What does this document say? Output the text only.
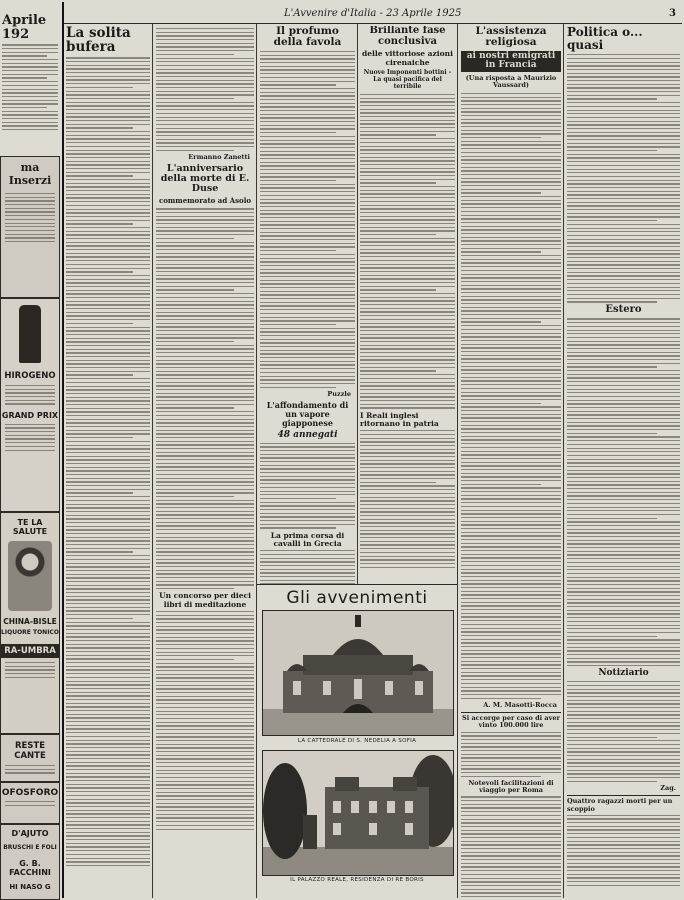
L'Avvenire d'Italia - 23 Aprile 1925	3
Aprile 192
ma Inserzi
HIROGENO
GRAND PRIX
TE LA SALUTE
CHINA-BISLE
LIQUORE TONICO
RA-UMBRA
RESTE CANTE
OFOSFORO
D'AJUTO
BRUSCHI E FOLI
G. B. FACCHINI
HI NASO G
La solita bufera
Ermanno Zanetti
L'anniversario della morte di E. Duse
commemorato ad Asolo
Un concorso per dieci libri di meditazione
Il profumo della favola
Puzzle
L'affondamento di un vapore giapponese
48 annegati
La prima corsa di cavalli in Grecia
Brillante fase conclusiva
delle vittoriose azioni cirenaiche
Nuove Imponenti bottini - La quasi pacifica del terribile
I Reali inglesi ritornano in patria
Gli avvenimenti
LA CATTEDRALE DI S. NEDELIA A SOFIA
IL PALAZZO REALE, RESIDENZA DI RE BORIS
L'assistenza religiosa
ai nostri emigrati in Francia
(Una risposta a Maurizio Vaussard)
A. M. Masotti-Rocca
Si accorge per caso di aver vinto 100.000 lire
Notevoli facilitazioni di viaggio per Roma
Politica o... quasi
Estero
Notiziario
Zag.
Quattro ragazzi morti per un scoppio
